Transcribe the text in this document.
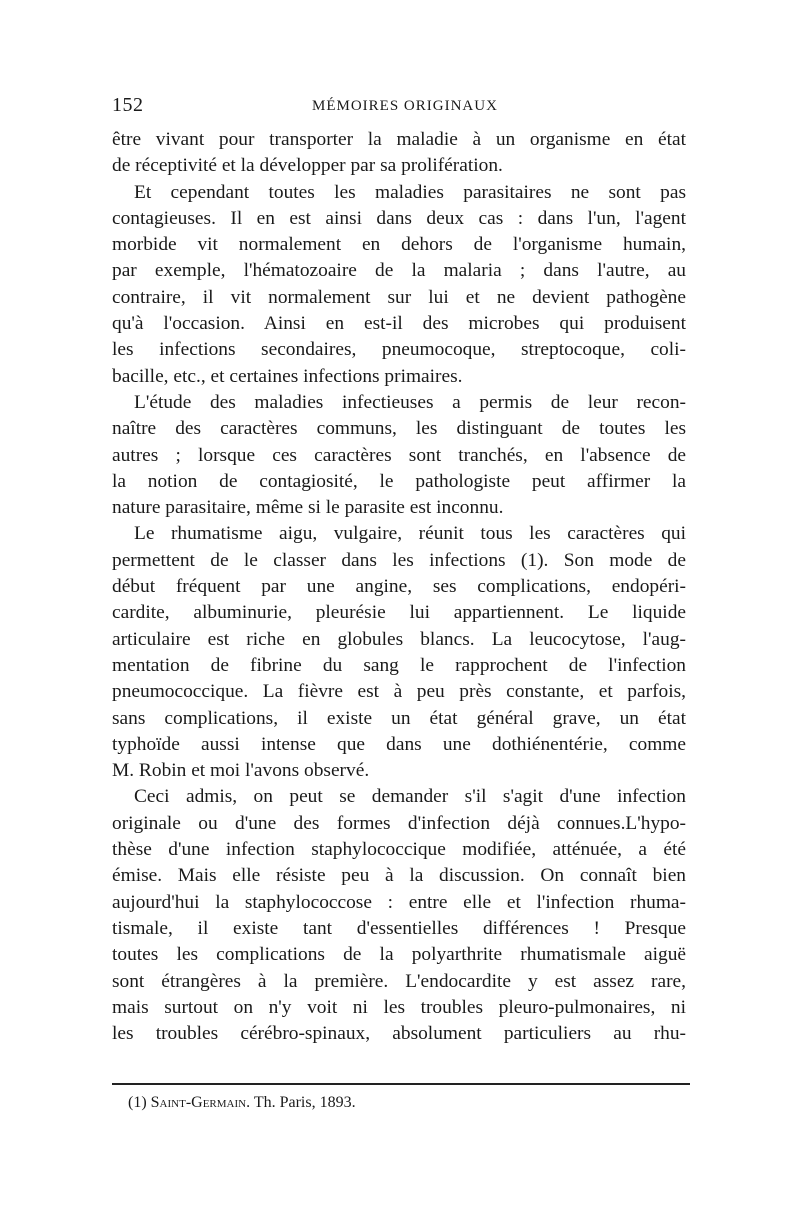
152	MÉMOIRES ORIGINAUX
être vivant pour transporter la maladie à un organisme en état
de réceptivité et la développer par sa prolifération.
Et cependant toutes les maladies parasitaires ne sont pas
contagieuses. Il en est ainsi dans deux cas : dans l'un, l'agent
morbide vit normalement en dehors de l'organisme humain,
par exemple, l'hématozoaire de la malaria ; dans l'autre, au
contraire, il vit normalement sur lui et ne devient pathogène
qu'à l'occasion. Ainsi en est-il des microbes qui produisent
les infections secondaires, pneumocoque, streptocoque, coli-
bacille, etc., et certaines infections primaires.
L'étude des maladies infectieuses a permis de leur recon-
naître des caractères communs, les distinguant de toutes les
autres ; lorsque ces caractères sont tranchés, en l'absence de
la notion de contagiosité, le pathologiste peut affirmer la
nature parasitaire, même si le parasite est inconnu.
Le rhumatisme aigu, vulgaire, réunit tous les caractères qui
permettent de le classer dans les infections (1). Son mode de
début fréquent par une angine, ses complications, endopéri-
cardite, albuminurie, pleurésie lui appartiennent. Le liquide
articulaire est riche en globules blancs. La leucocytose, l'aug-
mentation de fibrine du sang le rapprochent de l'infection
pneumococcique. La fièvre est à peu près constante, et parfois,
sans complications, il existe un état général grave, un état
typhoïde aussi intense que dans une dothiénentérie, comme
M. Robin et moi l'avons observé.
Ceci admis, on peut se demander s'il s'agit d'une infection
originale ou d'une des formes d'infection déjà connues.L'hypo-
thèse d'une infection staphylococcique modifiée, atténuée, a été
émise. Mais elle résiste peu à la discussion. On connaît bien
aujourd'hui la staphylococcose : entre elle et l'infection rhuma-
tismale, il existe tant d'essentielles différences ! Presque
toutes les complications de la polyarthrite rhumatismale aiguë
sont étrangères à la première. L'endocardite y est assez rare,
mais surtout on n'y voit ni les troubles pleuro-pulmonaires, ni
les troubles cérébro-spinaux, absolument particuliers au rhu-
(1) Saint-Germain. Th. Paris, 1893.
